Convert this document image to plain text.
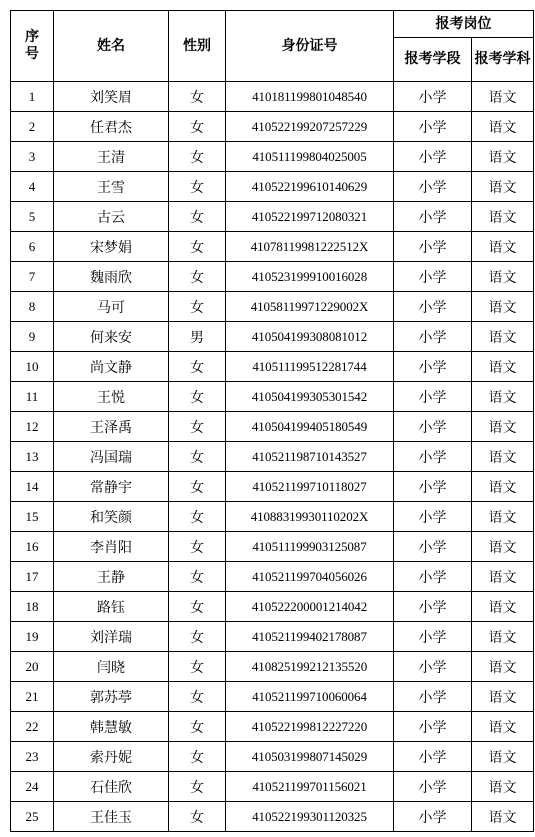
序号	姓名	性别	身份证号	报考岗位	
				报考学段	报考学科
1	刘笑眉	女	410181199801048540	小学	语文
2	任君杰	女	410522199207257229	小学	语文
3	王清	女	410511199804025005	小学	语文
4	王雪	女	410522199610140629	小学	语文
5	古云	女	410522199712080321	小学	语文
6	宋梦娟	女	41078119981222512X	小学	语文
7	魏雨欣	女	410523199910016028	小学	语文
8	马可	女	41058119971229002X	小学	语文
9	何来安	男	410504199308081012	小学	语文
10	尚文静	女	410511199512281744	小学	语文
11	王悦	女	410504199305301542	小学	语文
12	王泽禹	女	410504199405180549	小学	语文
13	冯国瑞	女	410521198710143527	小学	语文
14	常静宇	女	410521199710118027	小学	语文
15	和笑颜	女	41088319930110202X	小学	语文
16	李肖阳	女	410511199903125087	小学	语文
17	王静	女	410521199704056026	小学	语文
18	路钰	女	410522200001214042	小学	语文
19	刘洋瑞	女	410521199402178087	小学	语文
20	闫晓	女	410825199212135520	小学	语文
21	郭苏葶	女	410521199710060064	小学	语文
22	韩慧敏	女	410522199812227220	小学	语文
23	索丹妮	女	410503199807145029	小学	语文
24	石佳欣	女	410521199701156021	小学	语文
25	王佳玉	女	410522199301120325	小学	语文
